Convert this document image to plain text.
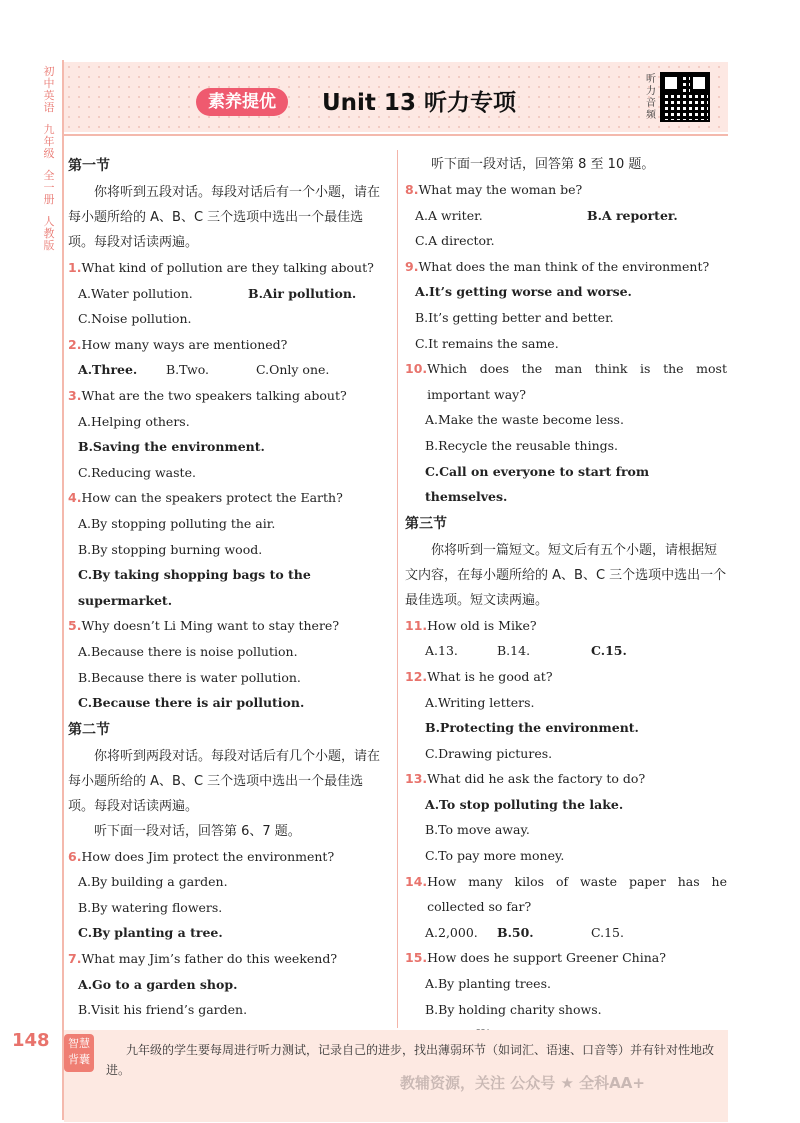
初
中
英
语
九
年
级
全
一
册
人
教
版
素养提优	Unit 13 听力专项
听力音频
第一节
你将听到五段对话。每段对话后有一个小题，请在每小题所给的 A、B、C 三个选项中选出一个最佳选项。每段对话读两遍。
1. What kind of pollution are they talking about?
A.Water pollution.	B.Air pollution.
C.Noise pollution.
2. How many ways are mentioned?
A.Three.	B.Two.	C.Only one.
3. What are the two speakers talking about?
A.Helping others.
B.Saving the environment.
C.Reducing waste.
4. How can the speakers protect the Earth?
A.By stopping polluting the air.
B.By stopping burning wood.
C.By taking shopping bags to the supermarket.
5. Why doesn’t Li Ming want to stay there?
A.Because there is noise pollution.
B.Because there is water pollution.
C.Because there is air pollution.
第二节
你将听到两段对话。每段对话后有几个小题，请在每小题所给的 A、B、C 三个选项中选出一个最佳选项。每段对话读两遍。
听下面一段对话，回答第 6、7 题。
6. How does Jim protect the environment?
A.By building a garden.
B.By watering flowers.
C.By planting a tree.
7. What may Jim’s father do this weekend?
A.Go to a garden shop.
B.Visit his friend’s garden.
听下面一段对话，回答第 8 至 10 题。
8. What may the woman be?
A.A writer.	B.A reporter.
C.A director.
9. What does the man think of the environment?
A.It’s getting worse and worse.
B.It’s getting better and better.
C.It remains the same.
10. Which does the man think is the most important way?
A.Make the waste become less.
B.Recycle the reusable things.
C.Call on everyone to start from themselves.
第三节
你将听到一篇短文。短文后有五个小题，请根据短文内容，在每小题所给的 A、B、C 三个选项中选出一个最佳选项。短文读两遍。
11. How old is Mike?
A.13.	B.14.	C.15.
12. What is he good at?
A.Writing letters.
B.Protecting the environment.
C.Drawing pictures.
13. What did he ask the factory to do?
A.To stop polluting the lake.
B.To move away.
C.To pay more money.
14. How many kilos of waste paper has he collected so far?
A.2,000.	B.50.	C.15.
15. How does he support Greener China?
A.By planting trees.
B.By holding charity shows.
148	智慧背囊
九年级的学生要每周进行听力测试，记录自己的进步，找出薄弱环节（如词汇、语速、口音等）并有针对性地改进。
教辅资源，关注 公众号 ★ 全科AA+
